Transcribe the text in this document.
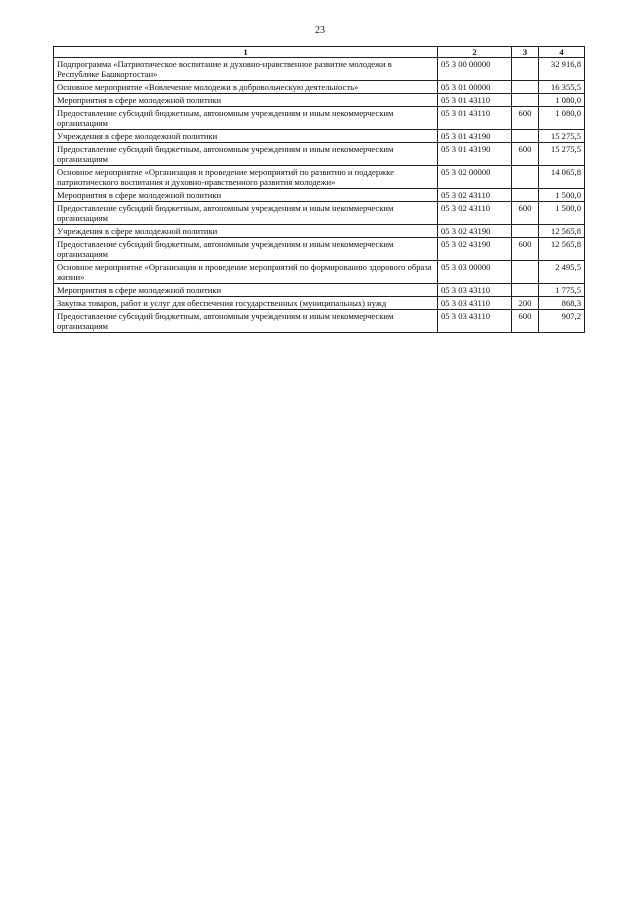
23
1	2	3	4
Подпрограмма «Патриотическое воспитание и духовно-нравственное развитие молодежи в Республике Башкортостан»	05 3 00 00000		32 916,8
Основное мероприятие «Вовлечение молодежи в добровольческую деятельность»	05 3 01 00000		16 355,5
Мероприятия в сфере молодежной политики	05 3 01 43110		1 080,0
Предоставление субсидий бюджетным, автономным учреждениям и иным некоммерческим организациям	05 3 01 43110	600	1 080,0
Учреждения в сфере молодежной политики	05 3 01 43190		15 275,5
Предоставление субсидий бюджетным, автономным учреждениям и иным некоммерческим организациям	05 3 01 43190	600	15 275,5
Основное мероприятие «Организация и проведение мероприятий по развитию и поддержке патриотического воспитания и духовно-нравственного развития молодежи»	05 3 02 00000		14 065,8
Мероприятия в сфере молодежной политики	05 3 02 43110		1 500,0
Предоставление субсидий бюджетным, автономным учреждениям и иным некоммерческим организациям	05 3 02 43110	600	1 500,0
Учреждения в сфере молодежной политики	05 3 02 43190		12 565,8
Предоставление субсидий бюджетным, автономным учреждениям и иным некоммерческим организациям	05 3 02 43190	600	12 565,8
Основное мероприятие «Организация и проведение мероприятий по формированию здорового образа жизни»	05 3 03 00000		2 495,5
Мероприятия в сфере молодежной политики	05 3 03 43110		1 775,5
Закупка товаров, работ и услуг для обеспечения государственных (муниципальных) нужд	05 3 03 43110	200	868,3
Предоставление субсидий бюджетным, автономным учреждениям и иным некоммерческим организациям	05 3 03 43110	600	907,2
